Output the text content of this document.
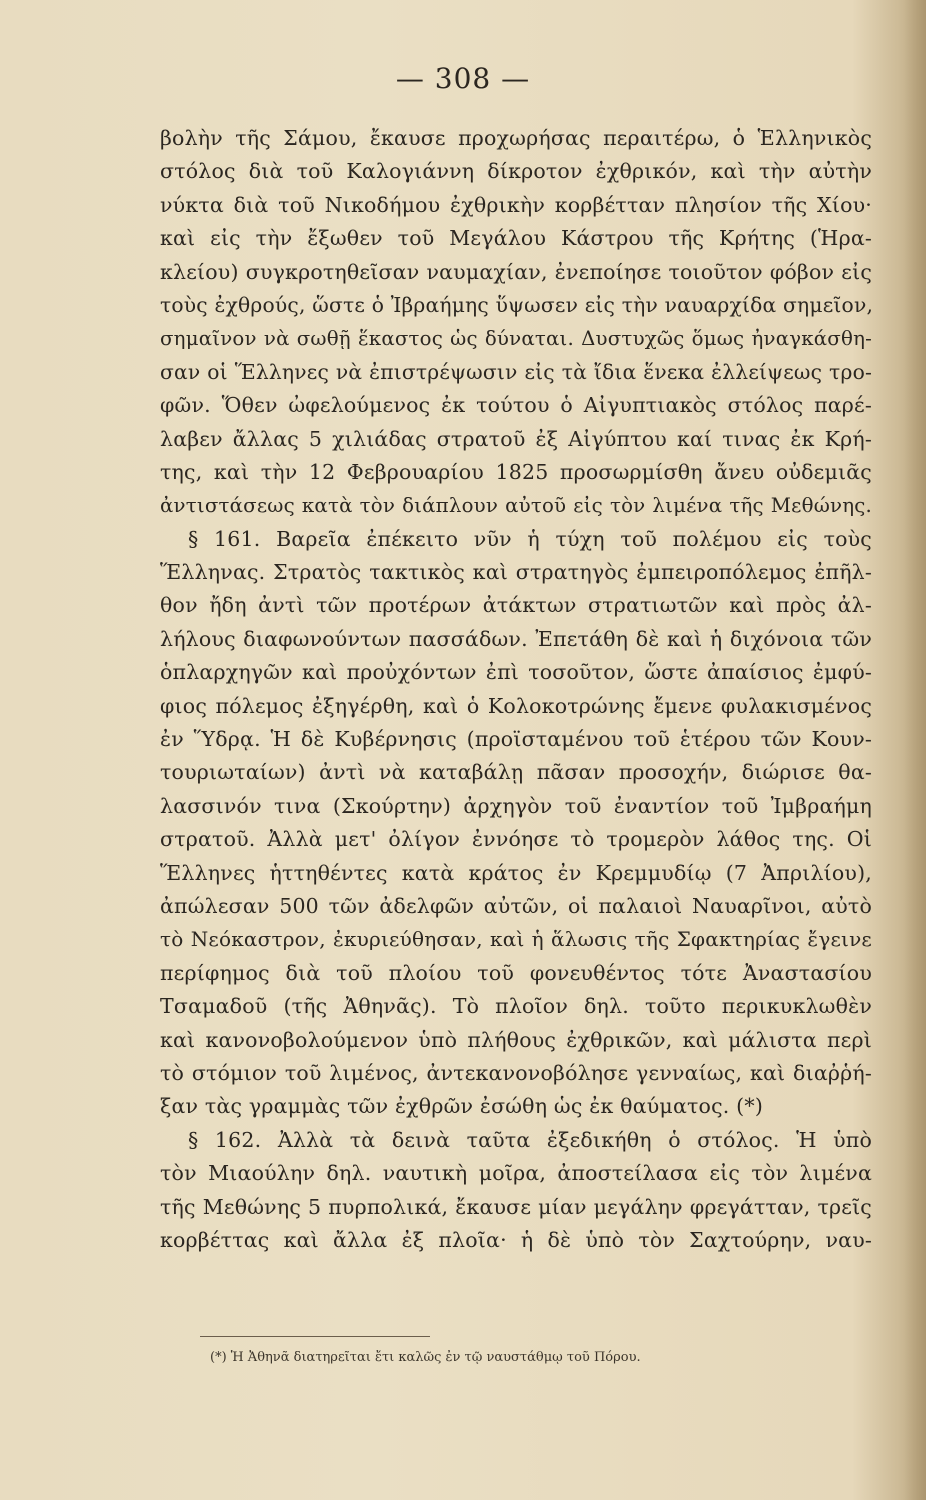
— 308 —
βολὴν τῆς Σάμου, ἔκαυσε προχωρήσας περαιτέρω, ὁ Ἑλληνικὸς
στόλος διὰ τοῦ Καλογιάννη δίκροτον ἐχθρικόν, καὶ τὴν αὐτὴν
νύκτα διὰ τοῦ Νικοδήμου ἐχθρικὴν κορβέτταν πλησίον τῆς Χίου·
καὶ εἰς τὴν ἔξωθεν τοῦ Μεγάλου Κάστρου τῆς Κρήτης (Ἡρα-
κλείου) συγκροτηθεῖσαν ναυμαχίαν, ἐνεποίησε τοιοῦτον φόβον εἰς
τοὺς ἐχθρούς, ὥστε ὁ Ἰβραήμης ὕψωσεν εἰς τὴν ναυαρχίδα σημεῖον,
σημαῖνον νὰ σωθῇ ἕκαστος ὡς δύναται. Δυστυχῶς ὅμως ἠναγκάσθη-
σαν οἱ Ἕλληνες νὰ ἐπιστρέψωσιν εἰς τὰ ἴδια ἕνεκα ἐλλείψεως τρο-
φῶν. Ὅθεν ὠφελούμενος ἐκ τούτου ὁ Αἰγυπτιακὸς στόλος παρέ-
λαβεν ἄλλας 5 χιλιάδας στρατοῦ ἐξ Αἰγύπτου καί τινας ἐκ Κρή-
της, καὶ τὴν 12 Φεβρουαρίου 1825 προσωρμίσθη ἄνευ οὐδεμιᾶς
ἀντιστάσεως κατὰ τὸν διάπλουν αὐτοῦ εἰς τὸν λιμένα τῆς Μεθώνης.
§ 161. Βαρεῖα ἐπέκειτο νῦν ἡ τύχη τοῦ πολέμου εἰς τοὺς
Ἕλληνας. Στρατὸς τακτικὸς καὶ στρατηγὸς ἐμπειροπόλεμος ἐπῆλ-
θον ἤδη ἀντὶ τῶν προτέρων ἀτάκτων στρατιωτῶν καὶ πρὸς ἀλ-
λήλους διαφωνούντων πασσάδων. Ἐπετάθη δὲ καὶ ἡ διχόνοια τῶν
ὁπλαρχηγῶν καὶ προὐχόντων ἐπὶ τοσοῦτον, ὥστε ἀπαίσιος ἐμφύ-
φιος πόλεμος ἐξηγέρθη, καὶ ὁ Κολοκοτρώνης ἔμενε φυλακισμένος
ἐν Ὕδρᾳ. Ἡ δὲ Κυβέρνησις (προϊσταμένου τοῦ ἑτέρου τῶν Κουν-
τουριωταίων) ἀντὶ νὰ καταβάλῃ πᾶσαν προσοχήν, διώρισε θα-
λασσινόν τινα (Σκούρτην) ἀρχηγὸν τοῦ ἐναντίον τοῦ Ἰμβραήμη
στρατοῦ. Ἀλλὰ μετ' ὀλίγον ἐννόησε τὸ τρομερὸν λάθος της. Οἱ
Ἕλληνες ἡττηθέντες κατὰ κράτος ἐν Κρεμμυδίῳ (7 Ἀπριλίου),
ἀπώλεσαν 500 τῶν ἀδελφῶν αὐτῶν, οἱ παλαιοὶ Ναυαρῖνοι, αὐτὸ
τὸ Νεόκαστρον, ἐκυριεύθησαν, καὶ ἡ ἅλωσις τῆς Σφακτηρίας ἔγεινε
περίφημος διὰ τοῦ πλοίου τοῦ φονευθέντος τότε Ἀναστασίου
Τσαμαδοῦ (τῆς Ἀθηνᾶς). Τὸ πλοῖον δηλ. τοῦτο περικυκλωθὲν
καὶ κανονοβολούμενον ὑπὸ πλήθους ἐχθρικῶν, καὶ μάλιστα περὶ
τὸ στόμιον τοῦ λιμένος, ἀντεκανονοβόλησε γενναίως, καὶ διαῤῥή-
ξαν τὰς γραμμὰς τῶν ἐχθρῶν ἐσώθη ὡς ἐκ θαύματος. (*)
§ 162. Ἀλλὰ τὰ δεινὰ ταῦτα ἐξεδικήθη ὁ στόλος. Ἡ ὑπὸ
τὸν Μιαούλην δηλ. ναυτικὴ μοῖρα, ἀποστείλασα εἰς τὸν λιμένα
τῆς Μεθώνης 5 πυρπολικά, ἔκαυσε μίαν μεγάλην φρεγάτταν, τρεῖς
κορβέττας καὶ ἄλλα ἐξ πλοῖα· ἡ δὲ ὑπὸ τὸν Σαχτούρην, ναυ-
(*) Ἡ Ἀθηνᾶ διατηρεῖται ἔτι καλῶς ἐν τῷ ναυστάθμῳ τοῦ Πόρου.
